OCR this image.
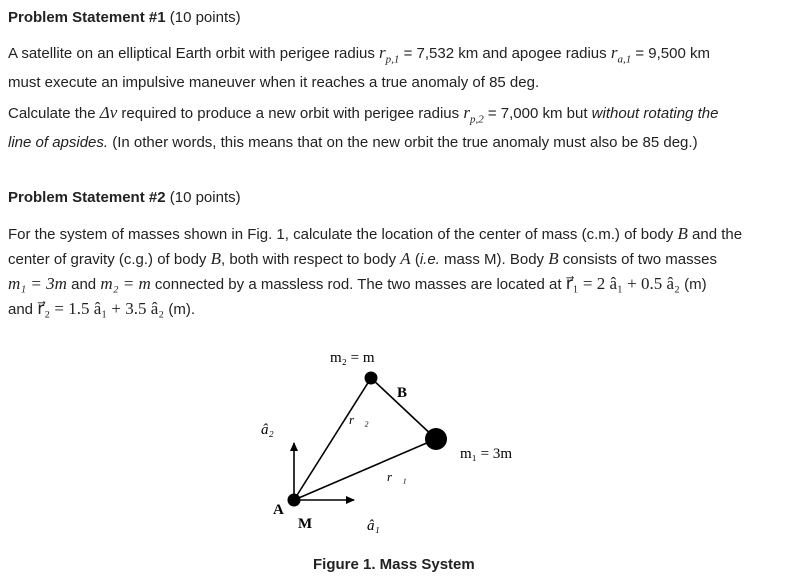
Problem Statement #1 (10 points)

A satellite on an elliptical Earth orbit with perigee radius $r_{p,1} = 7,532$ km and apogee radius $r_{a,1} = 9,500$ km
must execute an impulsive maneuver when it reaches a true anomaly of 85 deg.

Calculate the Δv required to produce a new orbit with perigee radius $r_{p,2} = 7,000$ km but without rotating the
line of apsides. (In other words, this means that on the new orbit the true anomaly must also be 85 deg.)

Problem Statement #2 (10 points)

For the system of masses shown in Fig. 1, calculate the location of the center of mass (c.m.) of body B and the
center of gravity (c.g.) of body B, both with respect to body A (i.e. mass M). Body B consists of two masses
m₁ = 3m and m₂ = m connected by a massless rod. The two masses are located at r⃗₁ = 2 â₁ + 0.5 â₂ (m)
and r⃗₂ = 1.5 â₁ + 3.5 â₂ (m).

m₂ = m
B
â₂
r⃗₂
m₁ = 3m
r⃗₁
A
M	â₁
Figure 1. Mass System
